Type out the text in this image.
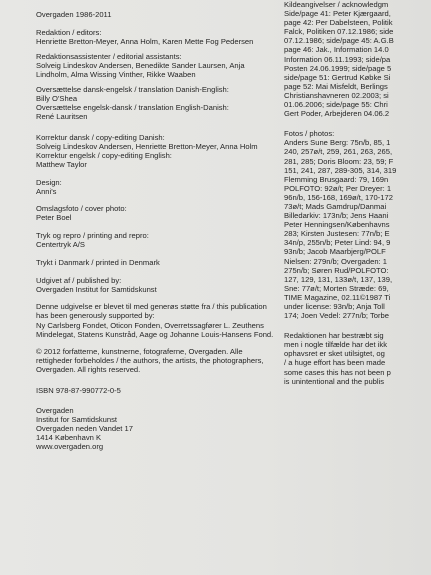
Overgaden 1986-2011
Redaktion / editors:
Henriette Bretton-Meyer, Anna Holm, Karen Mette Fog Pedersen
Redaktionsassistenter / editorial assistants:
Solveig Lindeskov Andersen, Benedikte Sander Laursen, Anja
Lindholm, Alma Wissing Vinther, Rikke Waaben
Oversættelse dansk-engelsk / translation Danish-English:
Billy O'Shea
Oversættelse engelsk-dansk / translation English-Danish:
René Lauritsen
Korrektur dansk / copy-editing Danish:
Solveig Lindeskov Andersen, Henriette Bretton-Meyer, Anna Holm
Korrektur engelsk / copy-editing English:
Matthew Taylor
Design:
Anni's
Omslagsfoto / cover photo:
Peter Boel
Tryk og repro / printing and repro:
Centertryk A/S
Trykt i Danmark / printed in Denmark
Udgivet af / published by:
Overgaden Institut for Samtidskunst
Denne udgivelse er blevet til med generøs støtte fra / this publication
has been generously supported by:
Ny Carlsberg Fondet, Oticon Fonden, Overretssagfører L. Zeuthens
Mindelegat, Statens Kunstråd, Aage og Johanne Louis-Hansens Fond.
© 2012 forfatterne, kunstnerne, fotograferne, Overgaden. Alle
rettigheder forbeholdes / the authors, the artists, the photographers,
Overgaden. All rights reserved.
ISBN 978-87-990772-0-5
Overgaden
Institut for Samtidskunst
Overgaden neden Vandet 17
1414 København K
www.overgaden.org
Kildeangivelser / acknowledgm
Side/page 41: Peter Kjærgaard,
page 42: Per Dabelsteen, Politik
Falck, Politiken 07.12.1986; side
07.12.1986; side/page 45: A.G.B
page 46: Jak., Information 14.0
Information 06.11.1993; side/pa
Posten 24.06.1999; side/page 5
side/page 51: Gertrud Købke Si
page 52: Mai Misfeldt, Berlings
Christianshavneren 02.2003; si
01.06.2006; side/page 55: Chri
Gert Poder, Arbejderen 04.06.2
Fotos / photos:
Anders Sune Berg: 75n/b, 85, 1
240, 257ø/t, 259, 261, 263, 265,
281, 285; Doris Bloom: 23, 59; F
151, 241, 287, 289-305, 314, 319
Flemming Brusgaard: 79, 169n
POLFOTO: 92ø/t; Per Dreyer: 1
96n/b, 156-168, 169ø/t, 170-172
73ø/t; Mads Gamdrup/Danmai
Billedarkiv: 173n/b; Jens Haani
Peter Henningsen/Københavns
283; Kirsten Justesen: 77n/b; E
34n/p, 255n/b; Peter Lind: 94, 9
93n/b; Jacob Maarbjerg/POLF
Nielsen: 279n/b; Overgaden: 1
275n/b; Søren Rud/POLFOTO:
127, 129, 131, 133ø/t, 137, 139,
Sne: 77ø/t; Morten Stræde: 69,
TIME Magazine, 02.11©1987 Ti
under license: 93n/b; Anja Toll
174; Joen Vedel: 277n/b; Torbe
Redaktionen har bestræbt sig
men i nogle tilfælde har det ikk
ophavsret er sket utilsigtet, og
/ a huge effort has been made
some cases this has not been p
is unintentional and the publis
